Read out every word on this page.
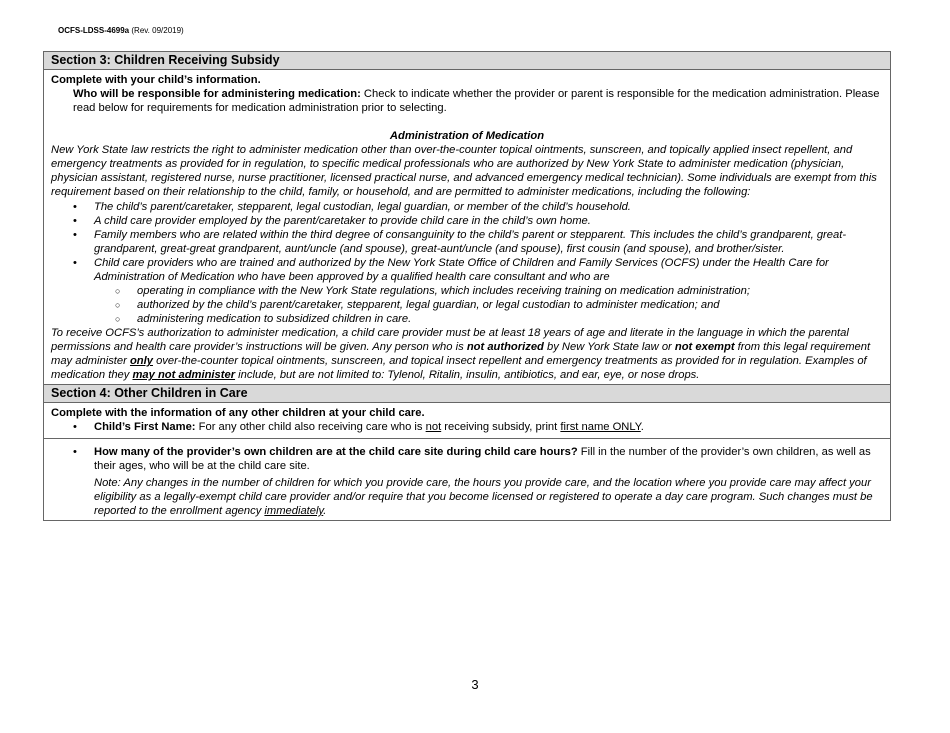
OCFS-LDSS-4699a (Rev. 09/2019)
Section 3: Children Receiving Subsidy
Complete with your child’s information.
Who will be responsible for administering medication: Check to indicate whether the provider or parent is responsible for the medication administration. Please read below for requirements for medication administration prior to selecting.
Administration of Medication
New York State law restricts the right to administer medication other than over-the-counter topical ointments, sunscreen, and topically applied insect repellent, and emergency treatments as provided for in regulation, to specific medical professionals who are authorized by New York State to administer medication (physician, physician assistant, registered nurse, nurse practitioner, licensed practical nurse, and advanced emergency medical technician). Some individuals are exempt from this requirement based on their relationship to the child, family, or household, and are permitted to administer medications, including the following:
• The child’s parent/caretaker, stepparent, legal custodian, legal guardian, or member of the child’s household.
• A child care provider employed by the parent/caretaker to provide child care in the child’s own home.
• Family members who are related within the third degree of consanguinity to the child’s parent or stepparent. This includes the child’s grandparent, great-grandparent, great-great grandparent, aunt/uncle (and spouse), great-aunt/uncle (and spouse), first cousin (and spouse), and brother/sister.
• Child care providers who are trained and authorized by the New York State Office of Children and Family Services (OCFS) under the Health Care for Administration of Medication who have been approved by a qualified health care consultant and who are
○ operating in compliance with the New York State regulations, which includes receiving training on medication administration;
○ authorized by the child’s parent/caretaker, stepparent, legal guardian, or legal custodian to administer medication; and
○ administering medication to subsidized children in care.
To receive OCFS’s authorization to administer medication, a child care provider must be at least 18 years of age and literate in the language in which the parental permissions and health care provider’s instructions will be given. Any person who is not authorized by New York State law or not exempt from this legal requirement may administer only over-the-counter topical ointments, sunscreen, and topical insect repellent and emergency treatments as provided for in regulation. Examples of medication they may not administer include, but are not limited to: Tylenol, Ritalin, insulin, antibiotics, and ear, eye, or nose drops.
Section 4: Other Children in Care
Complete with the information of any other children at your child care.
• Child’s First Name: For any other child also receiving care who is not receiving subsidy, print first name ONLY.
• How many of the provider’s own children are at the child care site during child care hours? Fill in the number of the provider’s own children, as well as their ages, who will be at the child care site.
Note: Any changes in the number of children for which you provide care, the hours you provide care, and the location where you provide care may affect your eligibility as a legally-exempt child care provider and/or require that you become licensed or registered to operate a day care program. Such changes must be reported to the enrollment agency immediately.
3
